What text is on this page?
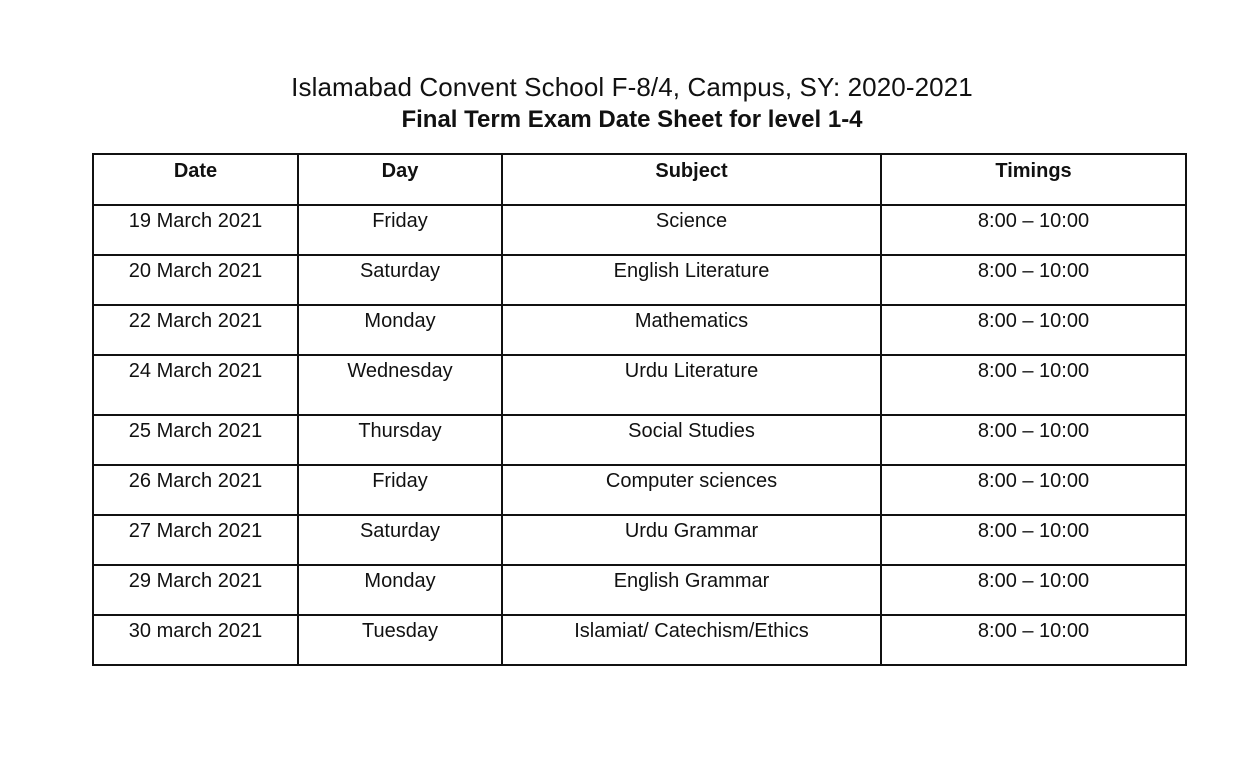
Islamabad Convent School F-8/4, Campus, SY: 2020-2021
Final Term Exam Date Sheet for level 1-4
Date	Day	Subject	Timings
19 March 2021	Friday	Science	8:00 – 10:00
20 March 2021	Saturday	English Literature	8:00 – 10:00
22 March 2021	Monday	Mathematics	8:00 – 10:00
24 March 2021	Wednesday	Urdu Literature	8:00 – 10:00
25 March 2021	Thursday	Social Studies	8:00 – 10:00
26 March 2021	Friday	Computer sciences	8:00 – 10:00
27 March 2021	Saturday	Urdu Grammar	8:00 – 10:00
29 March 2021	Monday	English Grammar	8:00 – 10:00
30 march 2021	Tuesday	Islamiat/ Catechism/Ethics	8:00 – 10:00
